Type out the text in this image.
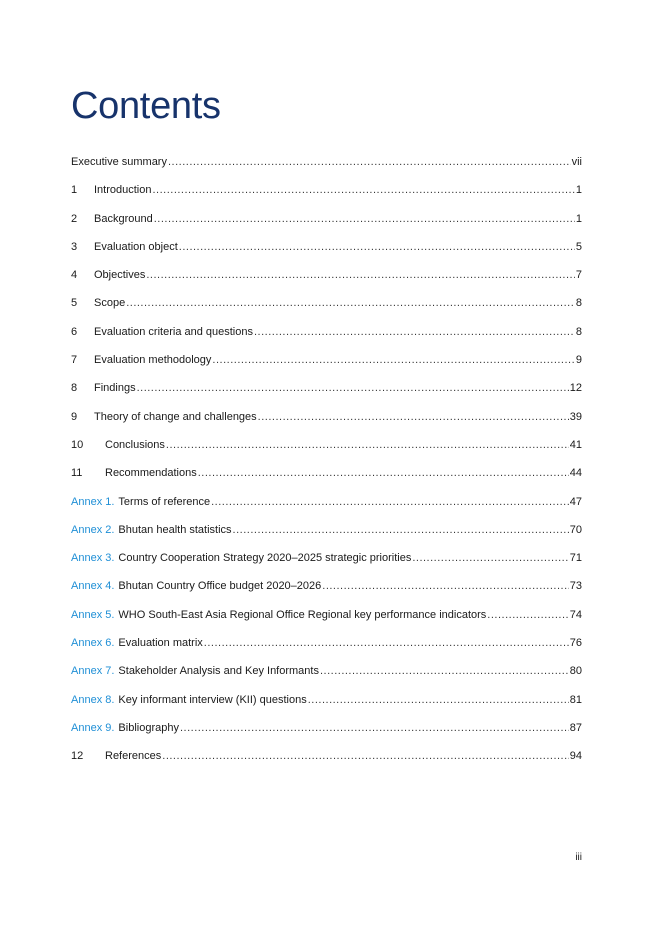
Contents
Executive summary .....	vii
1	Introduction .....	1
2	Background .....	1
3	Evaluation object .....	5
4	Objectives .....	7
5	Scope .....	8
6	Evaluation criteria and questions .....	8
7	Evaluation methodology .....	9
8	Findings .....	12
9	Theory of change and challenges .....	39
10	Conclusions .....	41
11	Recommendations .....	44
Annex 1. Terms of reference .....	47
Annex 2. Bhutan health statistics .....	70
Annex 3. Country Cooperation Strategy 2020–2025 strategic priorities .....	71
Annex 4. Bhutan Country Office budget 2020–2026 .....	73
Annex 5. WHO South-East Asia Regional Office Regional key performance indicators .....	74
Annex 6. Evaluation matrix .....	76
Annex 7. Stakeholder Analysis and Key Informants .....	80
Annex 8. Key informant interview (KII) questions .....	81
Annex 9. Bibliography .....	87
12	References .....	94
iii
